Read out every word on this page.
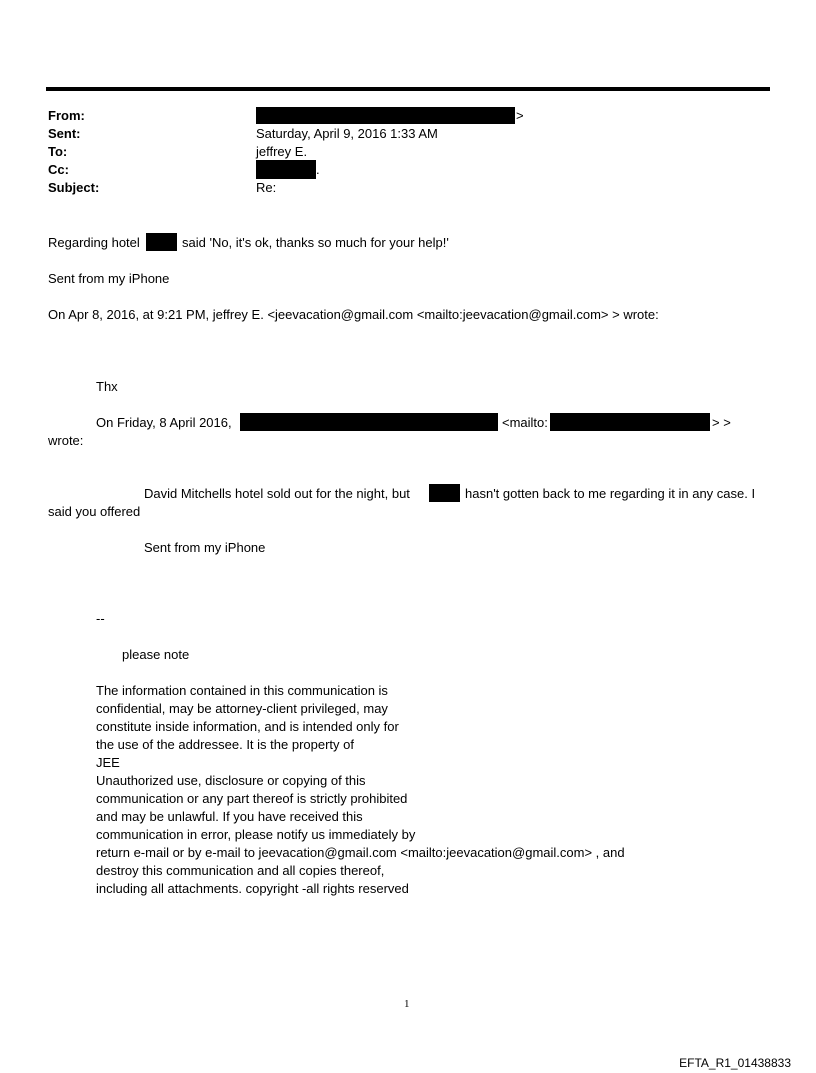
From:	>
Sent:	Saturday, April 9, 2016 1:33 AM
To:	jeffrey E.
Cc:	.
Subject:	Re:
Regarding hotel	said 'No, it's ok, thanks so much for your help!'
Sent from my iPhone
On Apr 8, 2016, at 9:21 PM, jeffrey E. <jeevacation@gmail.com <mailto:jeevacation@gmail.com> > wrote:
Thx
On Friday, 8 April 2016,	<mailto:	> >
wrote:
David Mitchells hotel sold out for the night, but	hasn't gotten back to me regarding it in any case. I
said you offered
Sent from my iPhone
--
please note
The information contained in this communication is
confidential, may be attorney-client privileged, may
constitute inside information, and is intended only for
the use of the addressee. It is the property of
JEE
Unauthorized use, disclosure or copying of this
communication or any part thereof is strictly prohibited
and may be unlawful. If you have received this
communication in error, please notify us immediately by
return e-mail or by e-mail to jeevacation@gmail.com <mailto:jeevacation@gmail.com> , and
destroy this communication and all copies thereof,
including all attachments. copyright -all rights reserved
1
EFTA_R1_01438833
